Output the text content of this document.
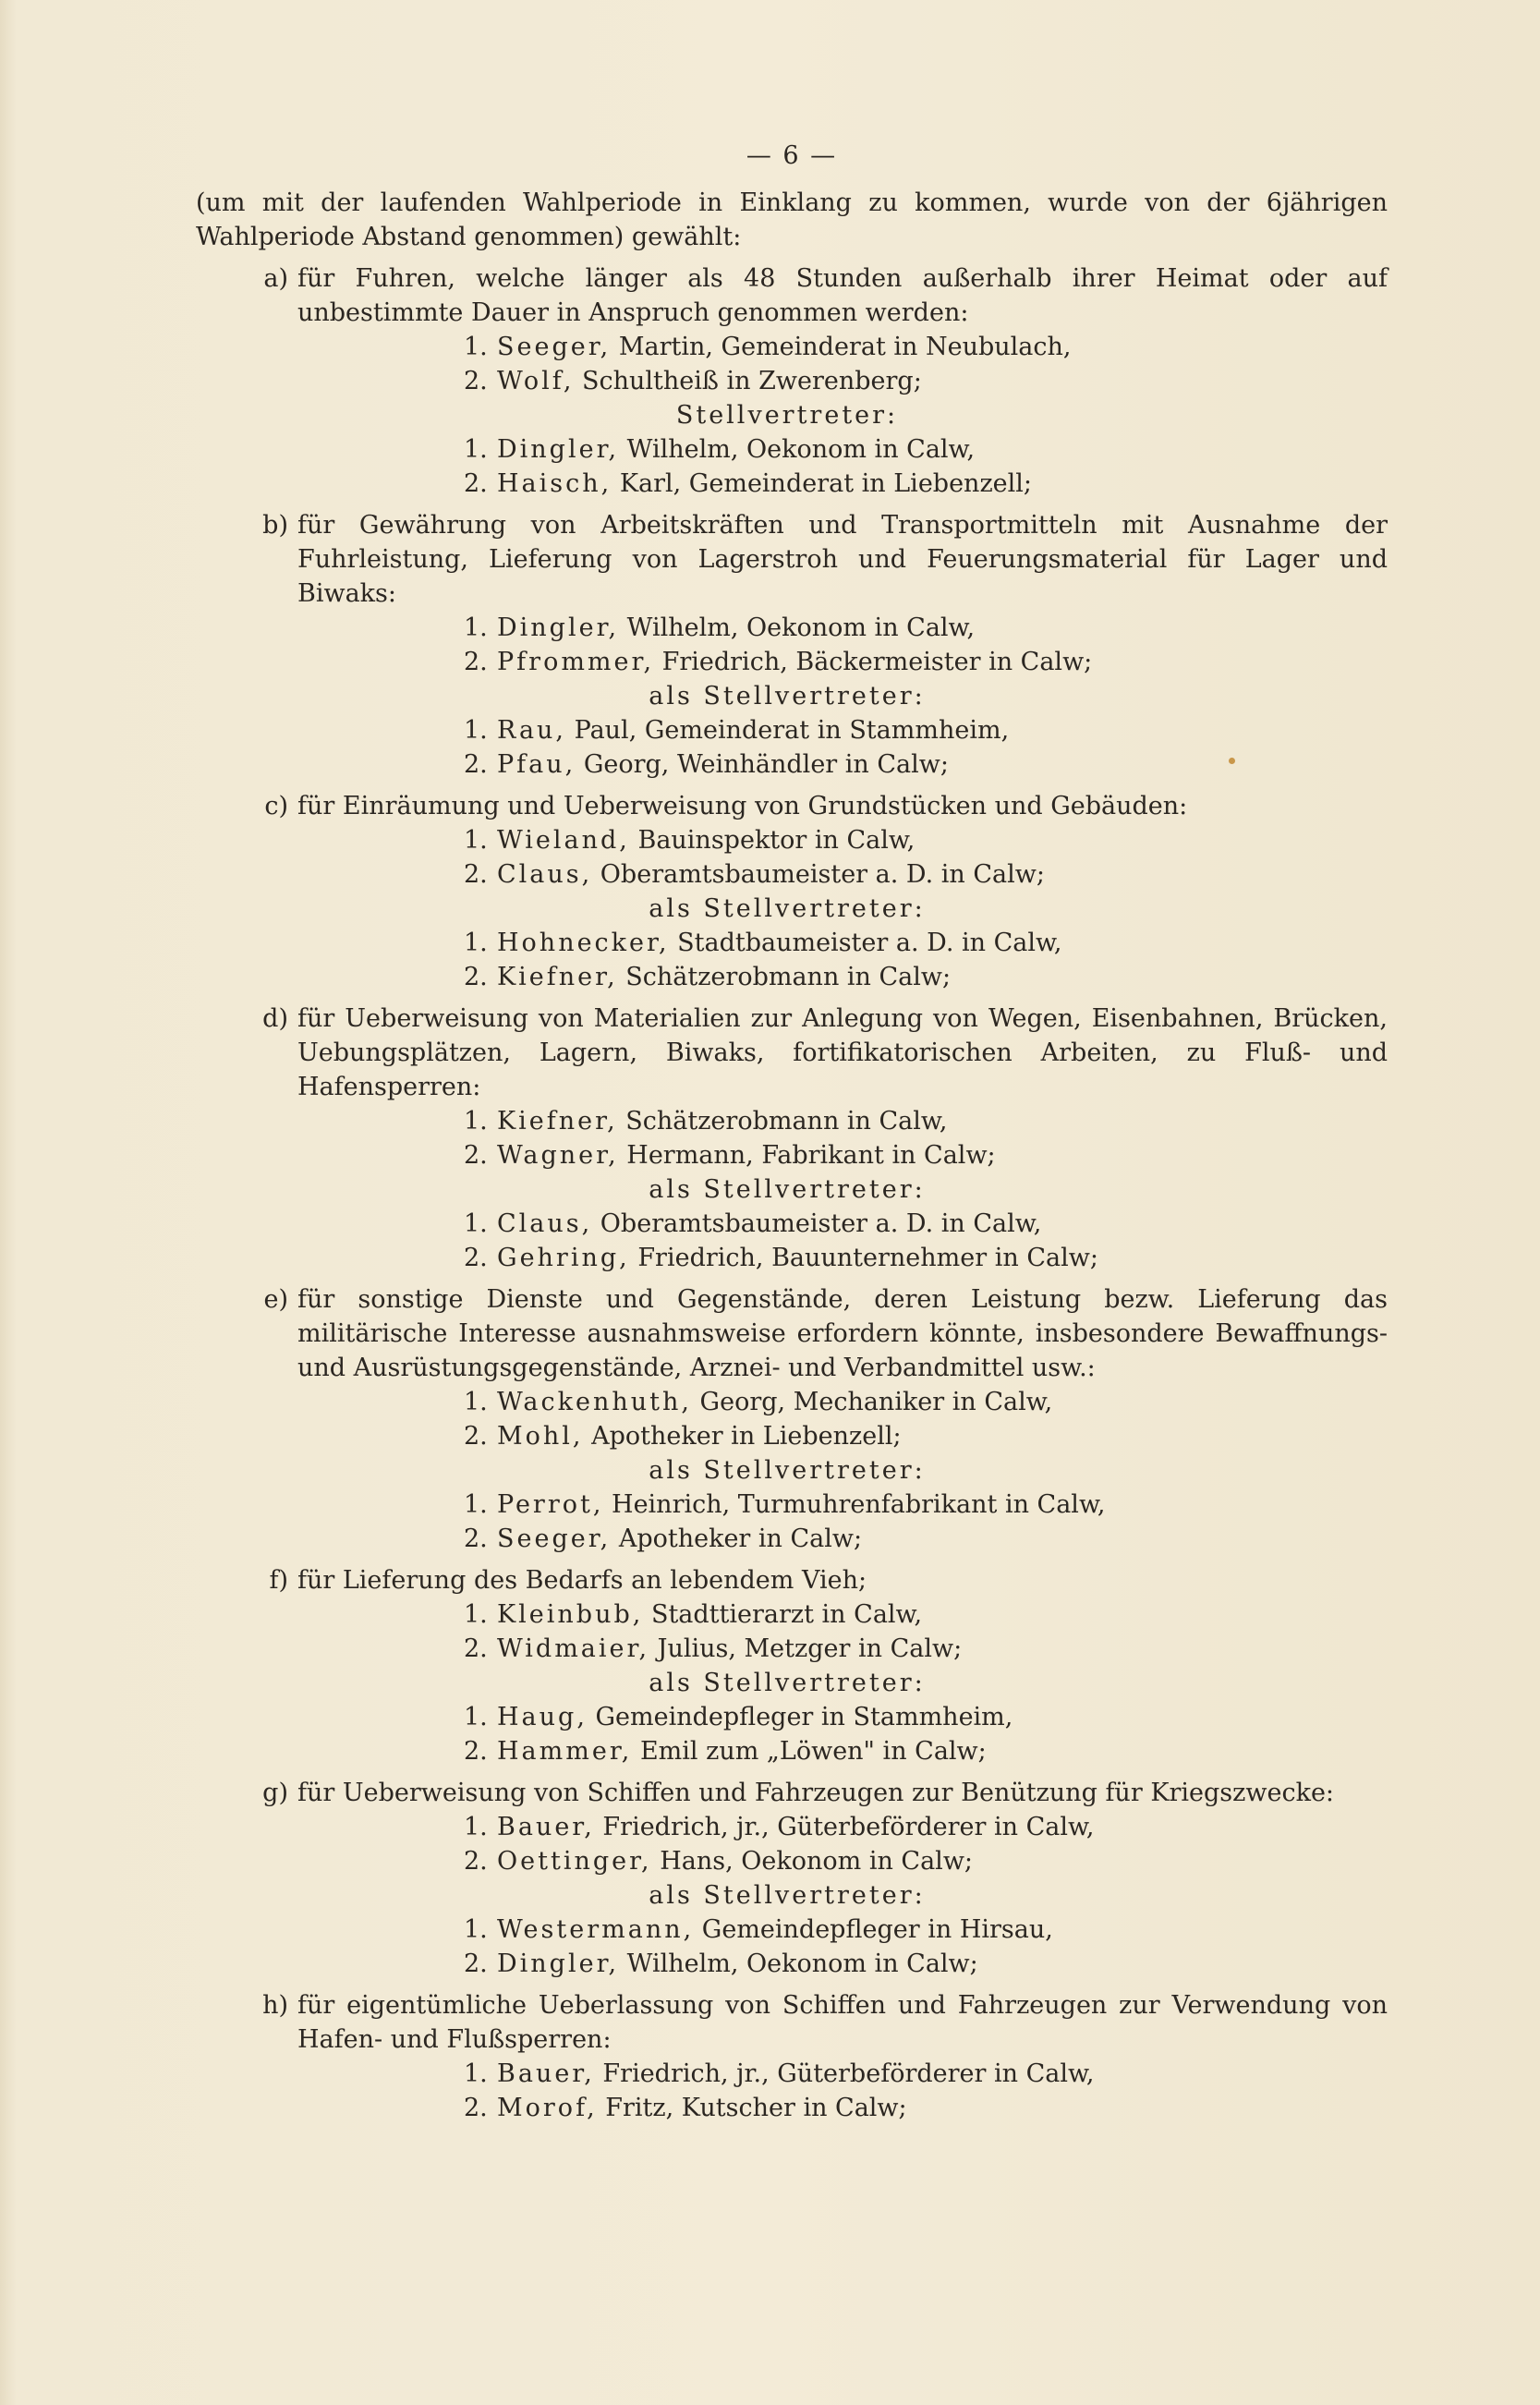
— 6 —
(um mit der laufenden Wahlperiode in Einklang zu kommen, wurde von der 6jährigen Wahlperiode Abstand genommen) gewählt:
a) für Fuhren, welche länger als 48 Stunden außerhalb ihrer Heimat oder auf unbestimmte Dauer in Anspruch genommen werden:
1. Seeger, Martin, Gemeinderat in Neubulach,
2. Wolf, Schultheiß in Zwerenberg;
Stellvertreter:
1. Dingler, Wilhelm, Oekonom in Calw,
2. Haisch, Karl, Gemeinderat in Liebenzell;
b) für Gewährung von Arbeitskräften und Transportmitteln mit Ausnahme der Fuhrleistung, Lieferung von Lagerstroh und Feuerungsmaterial für Lager und Biwaks:
1. Dingler, Wilhelm, Oekonom in Calw,
2. Pfrommer, Friedrich, Bäckermeister in Calw;
als Stellvertreter:
1. Rau, Paul, Gemeinderat in Stammheim,
2. Pfau, Georg, Weinhändler in Calw;
c) für Einräumung und Ueberweisung von Grundstücken und Gebäuden:
1. Wieland, Bauinspektor in Calw,
2. Claus, Oberamtsbaumeister a. D. in Calw;
als Stellvertreter:
1. Hohnecker, Stadtbaumeister a. D. in Calw,
2. Kiefner, Schätzerobmann in Calw;
d) für Ueberweisung von Materialien zur Anlegung von Wegen, Eisenbahnen, Brücken, Uebungsplätzen, Lagern, Biwaks, fortifikatorischen Arbeiten, zu Fluß- und Hafensperren:
1. Kiefner, Schätzerobmann in Calw,
2. Wagner, Hermann, Fabrikant in Calw;
als Stellvertreter:
1. Claus, Oberamtsbaumeister a. D. in Calw,
2. Gehring, Friedrich, Bauunternehmer in Calw;
e) für sonstige Dienste und Gegenstände, deren Leistung bezw. Lieferung das militärische Interesse ausnahmsweise erfordern könnte, insbesondere Bewaffnungs- und Ausrüstungsgegenstände, Arznei- und Verbandmittel usw.:
1. Wackenhuth, Georg, Mechaniker in Calw,
2. Mohl, Apotheker in Liebenzell;
als Stellvertreter:
1. Perrot, Heinrich, Turmuhrenfabrikant in Calw,
2. Seeger, Apotheker in Calw;
f) für Lieferung des Bedarfs an lebendem Vieh;
1. Kleinbub, Stadttierarzt in Calw,
2. Widmaier, Julius, Metzger in Calw;
als Stellvertreter:
1. Haug, Gemeindepfleger in Stammheim,
2. Hammer, Emil zum „Löwen" in Calw;
g) für Ueberweisung von Schiffen und Fahrzeugen zur Benützung für Kriegszwecke:
1. Bauer, Friedrich, jr., Güterbeförderer in Calw,
2. Oettinger, Hans, Oekonom in Calw;
als Stellvertreter:
1. Westermann, Gemeindepfleger in Hirsau,
2. Dingler, Wilhelm, Oekonom in Calw;
h) für eigentümliche Ueberlassung von Schiffen und Fahrzeugen zur Verwendung von Hafen- und Flußsperren:
1. Bauer, Friedrich, jr., Güterbeförderer in Calw,
2. Morof, Fritz, Kutscher in Calw;
